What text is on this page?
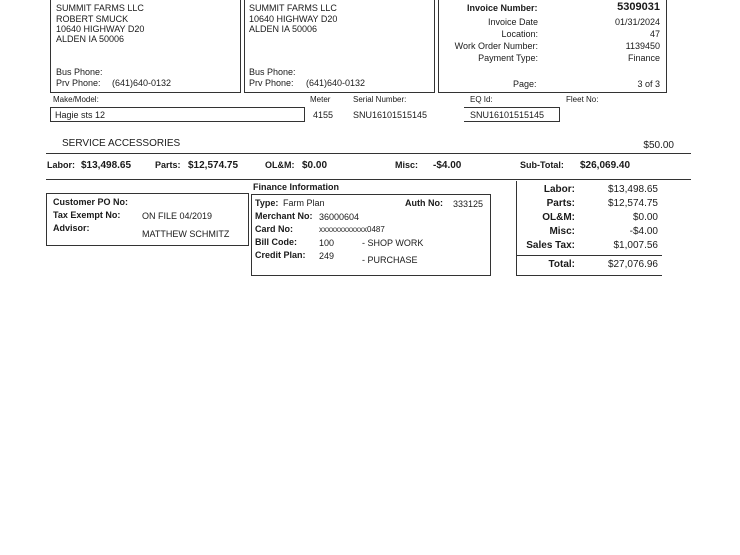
SUMMIT FARMS LLC
ROBERT SMUCK
10640 HIGHWAY D20
ALDEN IA 50006
Bus Phone:
Prv Phone: (641)640-0132
SUMMIT FARMS LLC
10640 HIGHWAY D20
ALDEN IA 50006
Bus Phone:
Prv Phone: (641)640-0132
Invoice Number:	5309031
Invoice Date	01/31/2024
Location:	47
Work Order Number:	1139450
Payment Type:	Finance
Page:	3 of 3
Make/Model:	Meter	Serial Number:	EQ Id:	Fleet No:
Hagie sts 12	4155 SNU16101515145	SNU16101515145
SERVICE ACCESSORIES	$50.00
Labor: $13,498.65	Parts: $12,574.75	OL&M: $0.00	Misc: -$4.00	Sub-Total: $26,069.40
Customer PO No:
Tax Exempt No: ON FILE 04/2019
Advisor:
MATTHEW SCHMITZ
Finance Information
Type: Farm Plan	Auth No: 333125
Merchant No: 36000604
Card No:	xxxxxxxxxxxx0487
Bill Code: 100	- SHOP WORK
Credit Plan: 249	- PURCHASE
Labor:	$13,498.65
Parts:	$12,574.75
OL&M:	$0.00
Misc:	-$4.00
Sales Tax:	$1,007.56
Total:	$27,076.96
